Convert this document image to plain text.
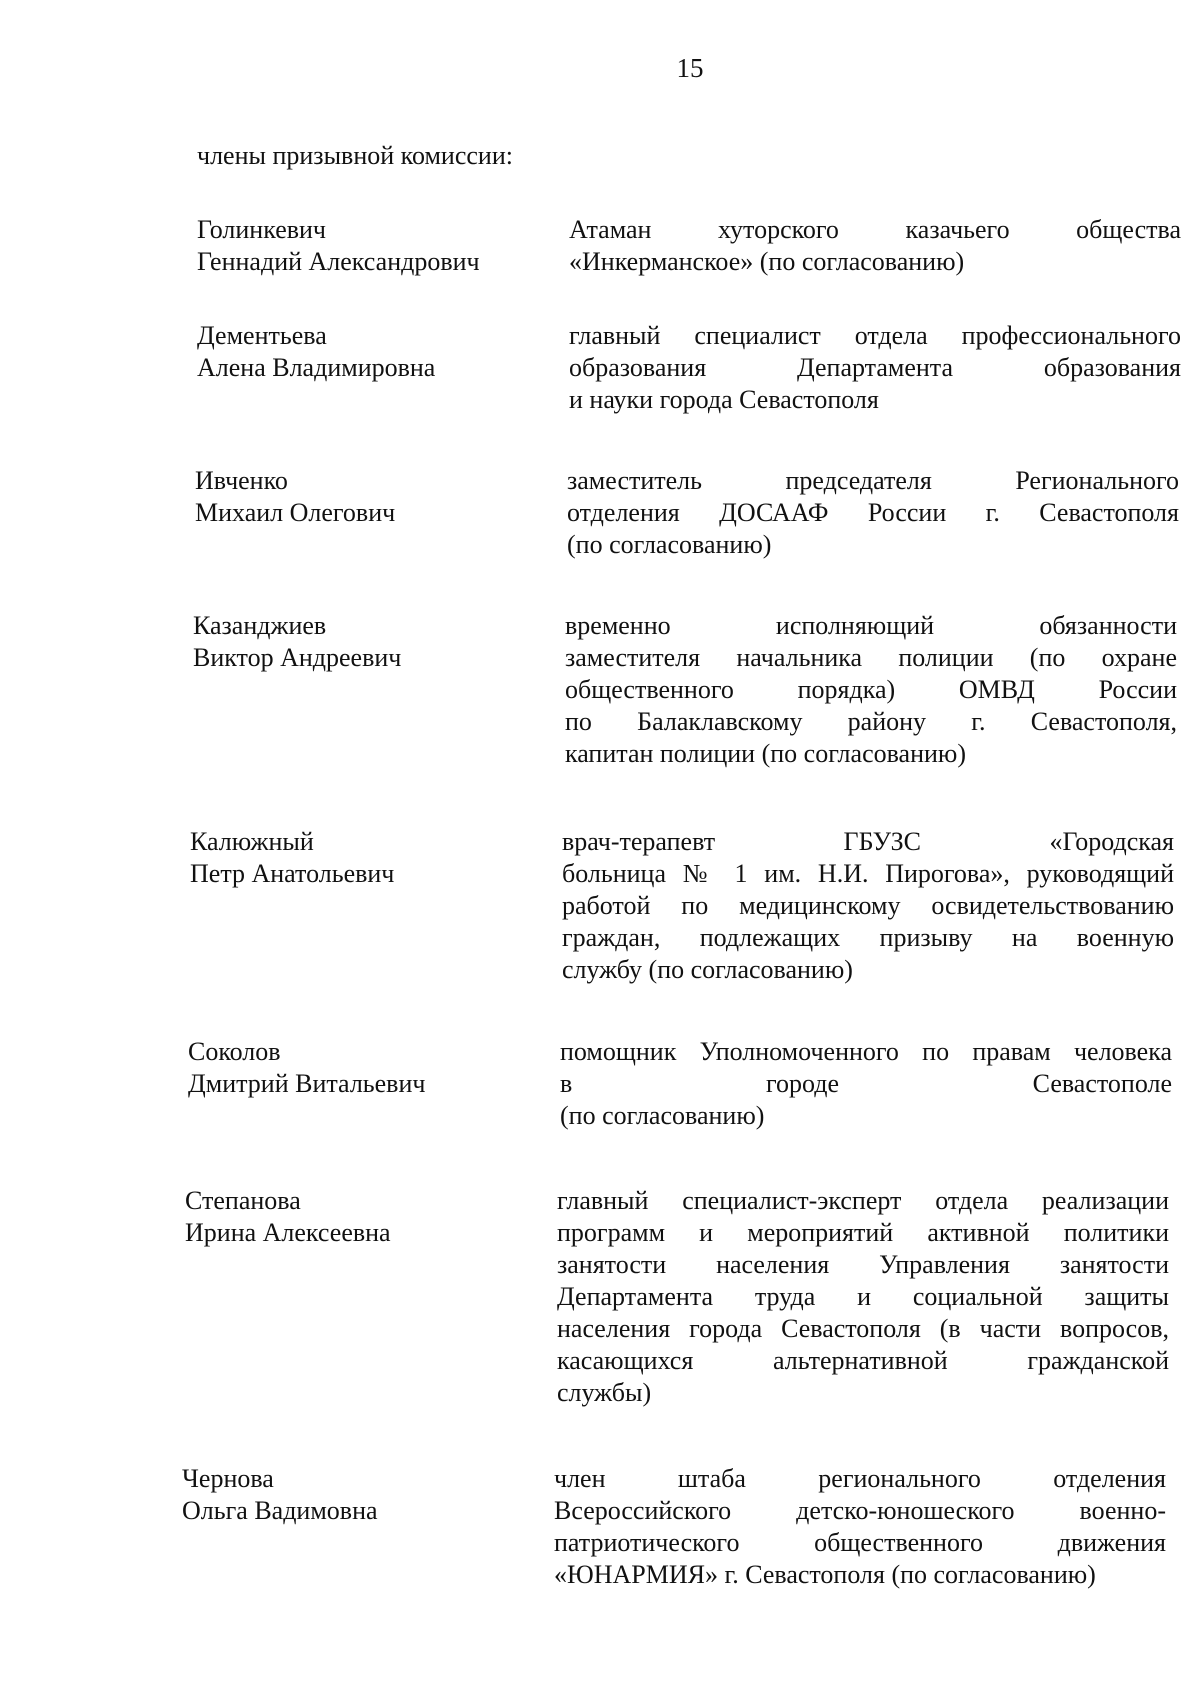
15
члены призывной комиссии:
Голинкевич
Геннадий Александрович
Атаман хуторского казачьего общества
«Инкерманское» (по согласованию)
Дементьева
Алена Владимировна
главный специалист отдела профессионального
образования Департамента образования
и науки города Севастополя
Ивченко
Михаил Олегович
заместитель председателя Регионального
отделения ДОСААФ России г. Севастополя
(по согласованию)
Казанджиев
Виктор Андреевич
временно исполняющий обязанности
заместителя начальника полиции (по охране
общественного порядка) ОМВД России
по Балаклавскому району г. Севастополя,
капитан полиции (по согласованию)
Калюжный
Петр Анатольевич
врач-терапевт ГБУЗС «Городская
больница № 1 им. Н.И. Пирогова», руководящий
работой по медицинскому освидетельствованию
граждан, подлежащих призыву на военную
службу (по согласованию)
Соколов
Дмитрий Витальевич
помощник Уполномоченного по правам человека
в городе Севастополе
(по согласованию)
Степанова
Ирина Алексеевна
главный специалист-эксперт отдела реализации
программ и мероприятий активной политики
занятости населения Управления занятости
Департамента труда и социальной защиты
населения города Севастополя (в части вопросов,
касающихся альтернативной гражданской
службы)
Чернова
Ольга Вадимовна
член штаба регионального отделения
Всероссийского детско-юношеского военно-
патриотического общественного движения
«ЮНАРМИЯ» г. Севастополя (по согласованию)
